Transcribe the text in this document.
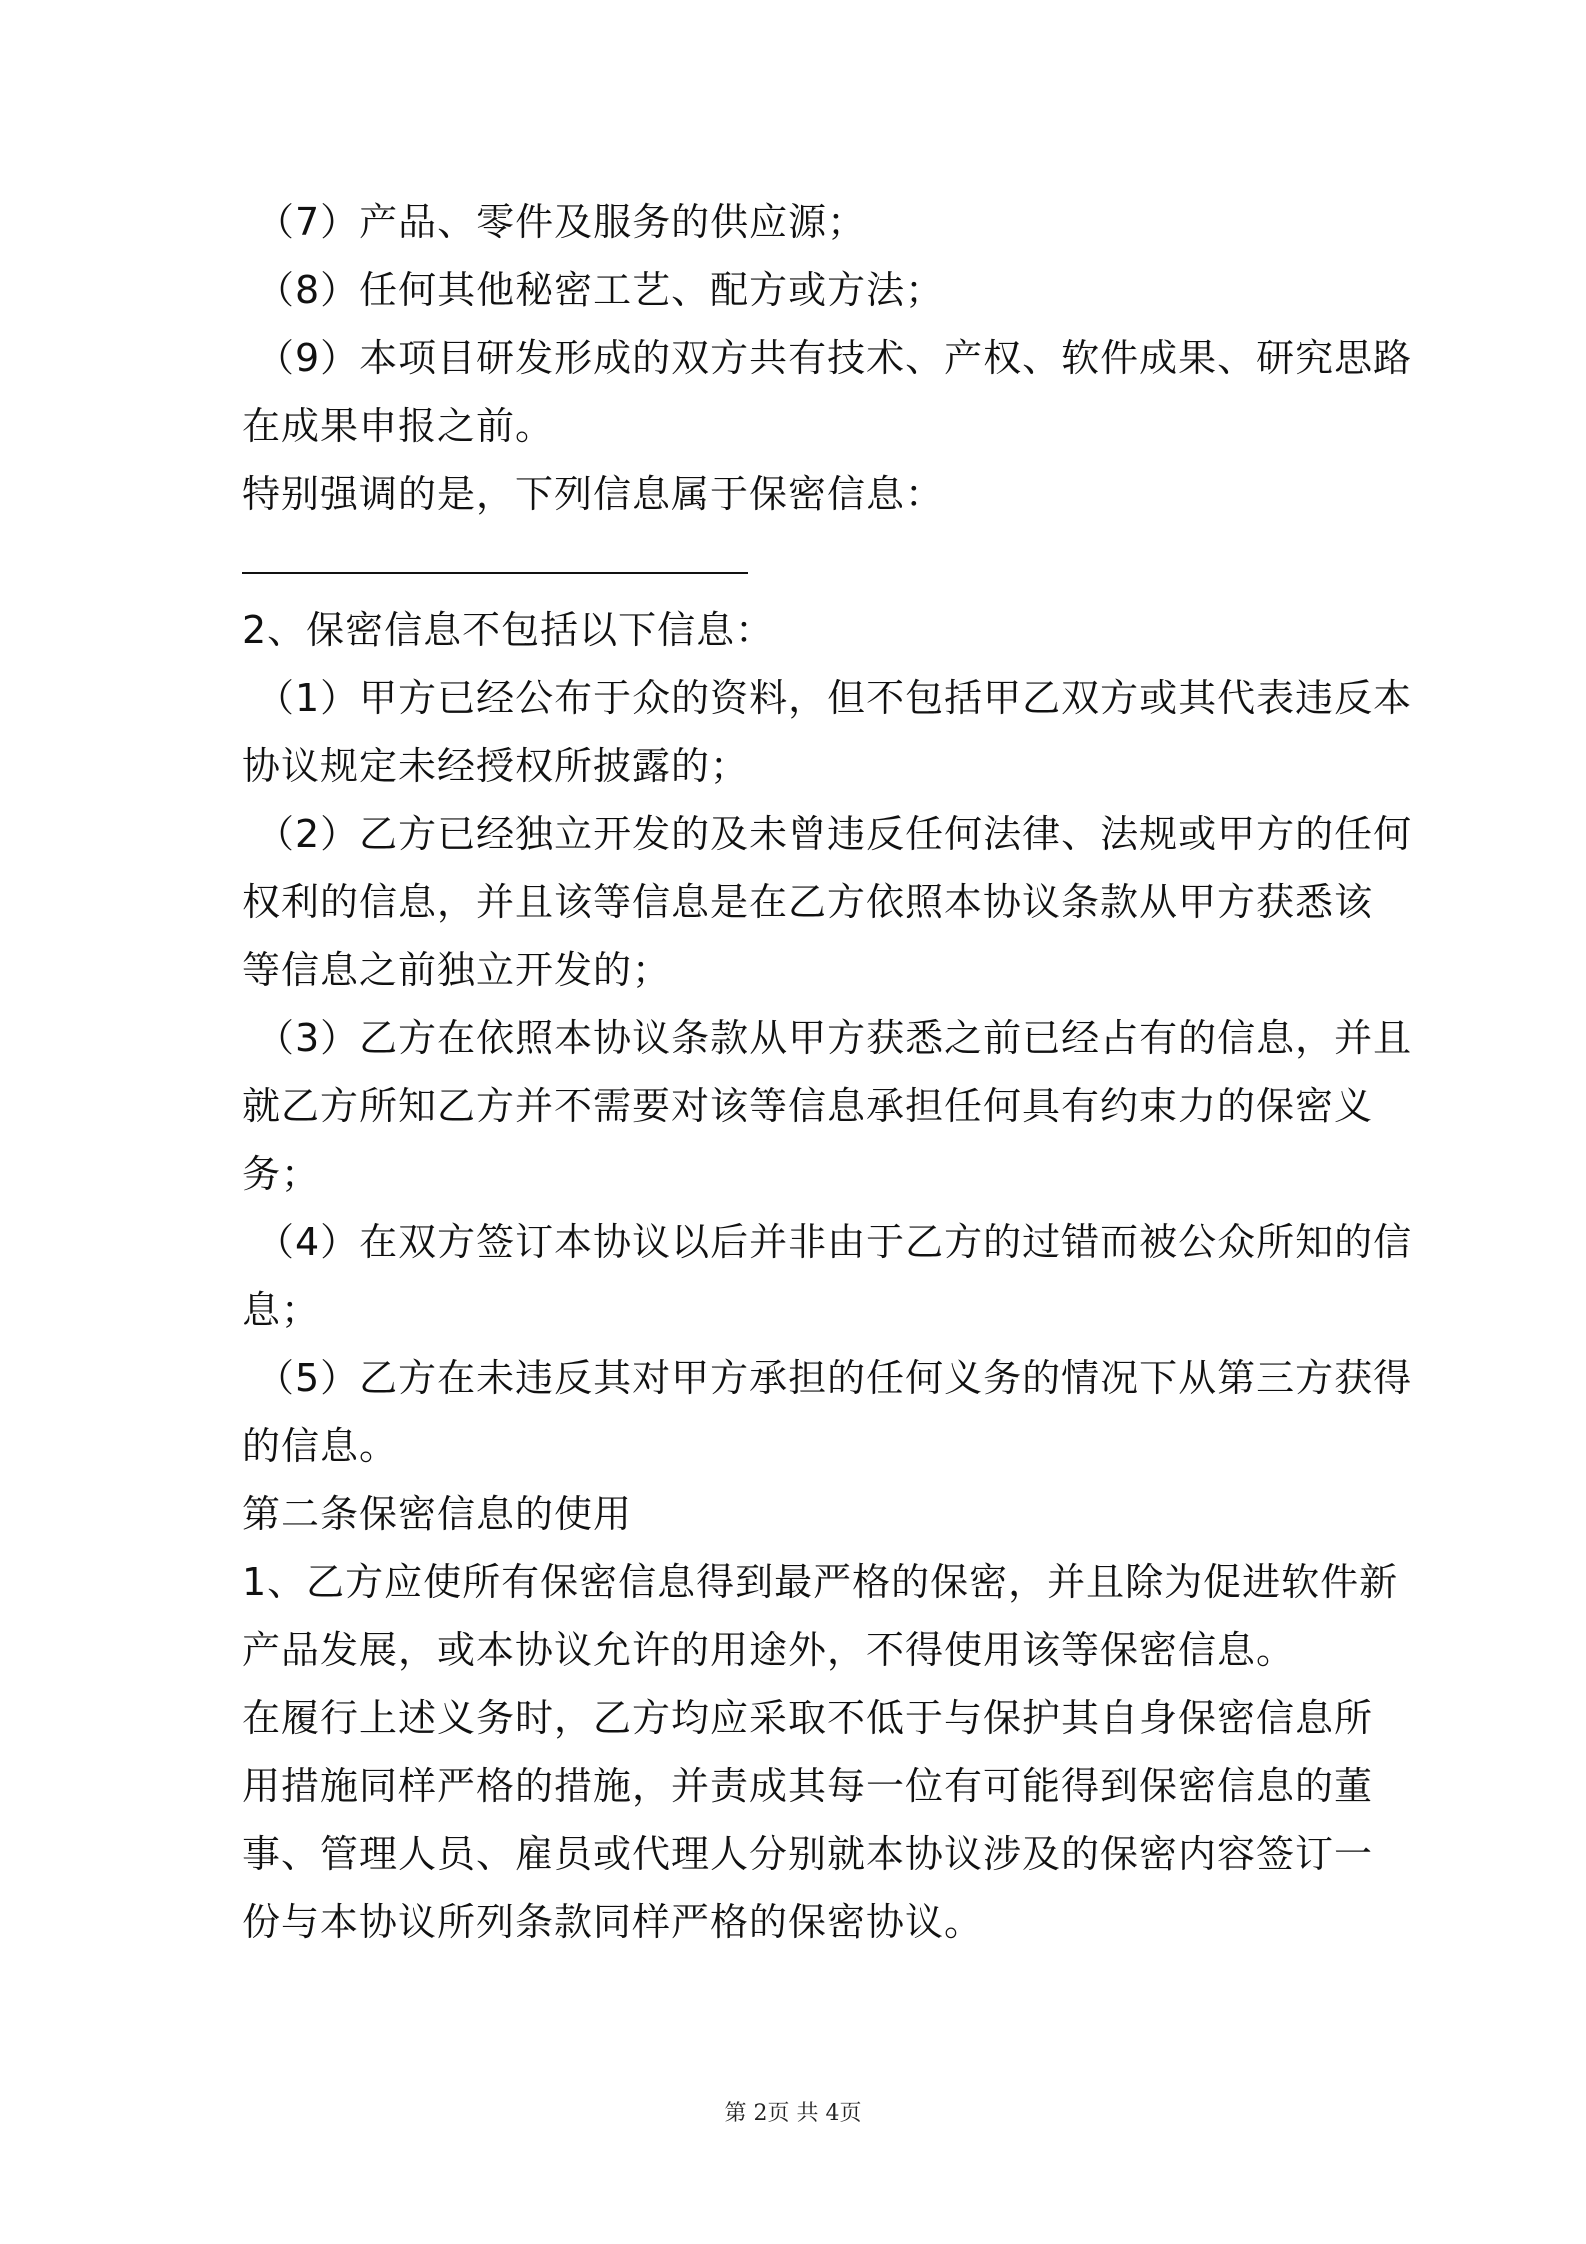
（7）产品、零件及服务的供应源；
（8）任何其他秘密工艺、配方或方法；
（9）本项目研发形成的双方共有技术、产权、软件成果、研究思路
在成果申报之前。
特别强调的是，下列信息属于保密信息：
2、保密信息不包括以下信息：
（1）甲方已经公布于众的资料，但不包括甲乙双方或其代表违反本
协议规定未经授权所披露的；
（2）乙方已经独立开发的及未曾违反任何法律、法规或甲方的任何
权利的信息，并且该等信息是在乙方依照本协议条款从甲方获悉该
等信息之前独立开发的；
（3）乙方在依照本协议条款从甲方获悉之前已经占有的信息，并且
就乙方所知乙方并不需要对该等信息承担任何具有约束力的保密义
务；
（4）在双方签订本协议以后并非由于乙方的过错而被公众所知的信
息；
（5）乙方在未违反其对甲方承担的任何义务的情况下从第三方获得
的信息。
第二条保密信息的使用
1、乙方应使所有保密信息得到最严格的保密，并且除为促进软件新
产品发展，或本协议允许的用途外，不得使用该等保密信息。
在履行上述义务时，乙方均应采取不低于与保护其自身保密信息所
用措施同样严格的措施，并责成其每一位有可能得到保密信息的董
事、管理人员、雇员或代理人分别就本协议涉及的保密内容签订一
份与本协议所列条款同样严格的保密协议。
第 2页 共 4页
